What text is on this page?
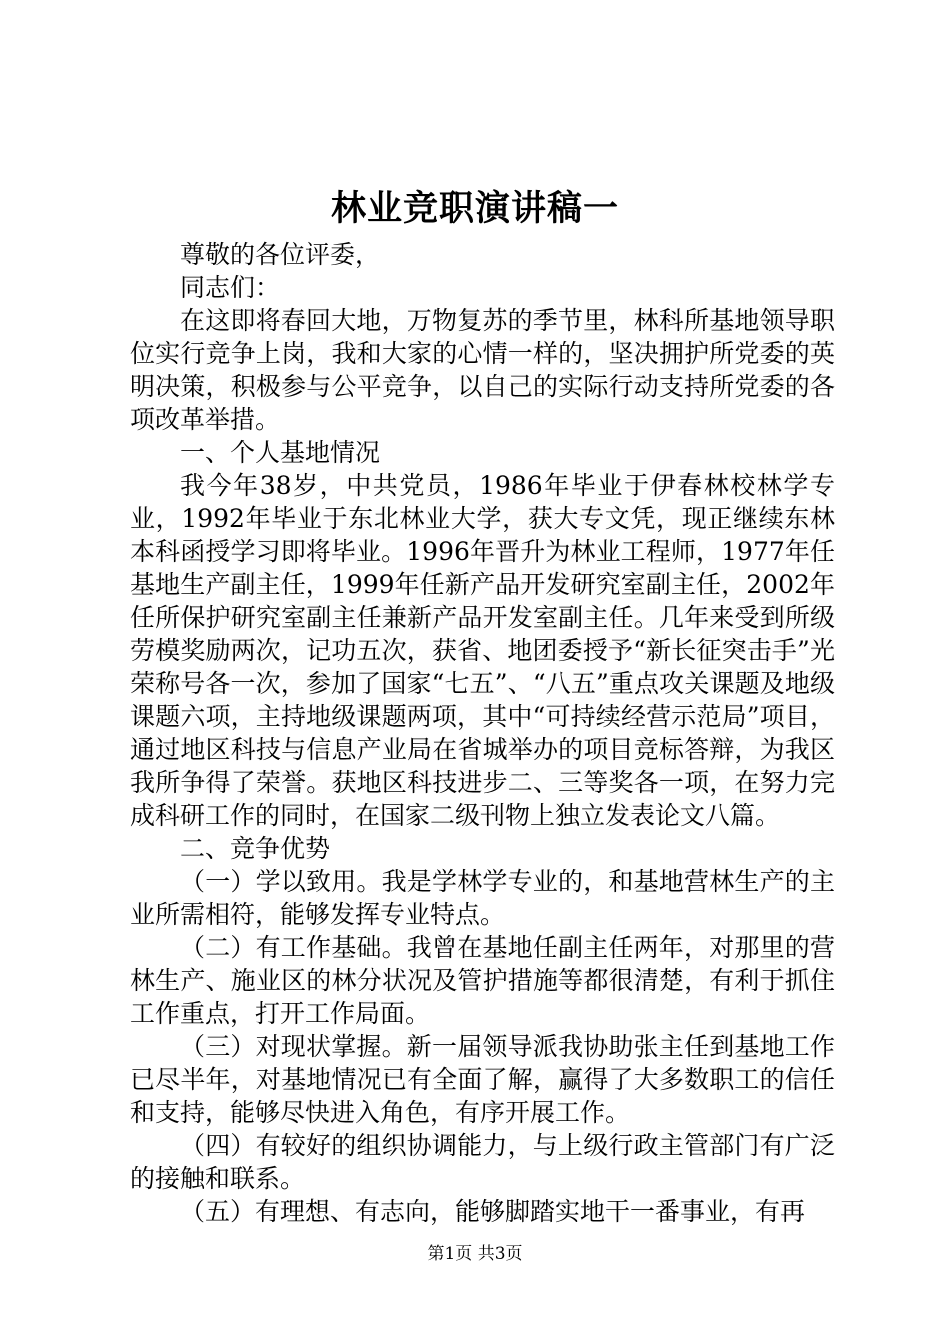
林业竞职演讲稿一

尊敬的各位评委，

同志们：

在这即将春回大地，万物复苏的季节里，林科所基地领导职位实行竞争上岗，我和大家的心情一样的，坚决拥护所党委的英明决策，积极参与公平竞争，以自己的实际行动支持所党委的各项改革举措。

一、个人基地情况

我今年38岁，中共党员，1986年毕业于伊春林校林学专业，1992年毕业于东北林业大学，获大专文凭，现正继续东林本科函授学习即将毕业。1996年晋升为林业工程师，1977年任基地生产副主任，1999年任新产品开发研究室副主任，2002年任所保护研究室副主任兼新产品开发室副主任。几年来受到所级劳模奖励两次，记功五次，获省、地团委授予“新长征突击手”光荣称号各一次，参加了国家“七五”、“八五”重点攻关课题及地级课题六项，主持地级课题两项，其中“可持续经营示范局”项目，通过地区科技与信息产业局在省城举办的项目竞标答辩，为我区我所争得了荣誉。获地区科技进步二、三等奖各一项，在努力完成科研工作的同时，在国家二级刊物上独立发表论文八篇。

二、竞争优势

（一）学以致用。我是学林学专业的，和基地营林生产的主业所需相符，能够发挥专业特点。

（二）有工作基础。我曾在基地任副主任两年，对那里的营林生产、施业区的林分状况及管护措施等都很清楚，有利于抓住工作重点，打开工作局面。

（三）对现状掌握。新一届领导派我协助张主任到基地工作已尽半年，对基地情况已有全面了解，赢得了大多数职工的信任和支持，能够尽快进入角色，有序开展工作。

（四）有较好的组织协调能力，与上级行政主管部门有广泛的接触和联系。

（五）有理想、有志向，能够脚踏实地干一番事业，有再

第1页 共3页
